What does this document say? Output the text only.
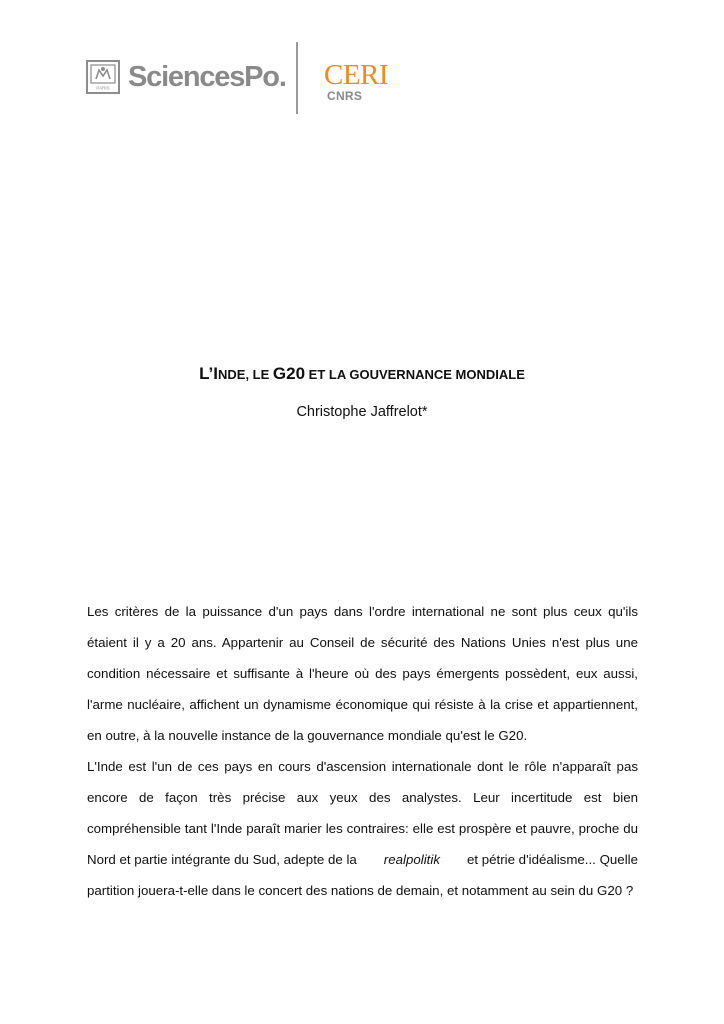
PARIS SciencesPo. CERI
CNRS
L’INDE, LE G20 ET LA GOUVERNANCE MONDIALE
Christophe Jaffrelot*
Les critères de la puissance d'un pays dans l'ordre international ne sont plus ceux qu'ils
étaient il y a 20 ans. Appartenir au Conseil de sécurité des Nations Unies n'est plus une
condition nécessaire et suffisante à l'heure où des pays émergents possèdent, eux aussi,
l'arme nucléaire, affichent un dynamisme économique qui résiste à la crise et appartiennent,
en outre, à la nouvelle instance de la gouvernance mondiale qu'est le G20.
L'Inde est l'un de ces pays en cours d'ascension internationale dont le rôle n'apparaît pas
encore de façon très précise aux yeux des analystes. Leur incertitude est bien
compréhensible tant l'Inde paraît marier les contraires: elle est prospère et pauvre, proche du
Nord et partie intégrante du Sud, adepte de la realpolitik et pétrie d'idéalisme... Quelle
partition jouera-t-elle dans le concert des nations de demain, et notamment au sein du G20 ?
